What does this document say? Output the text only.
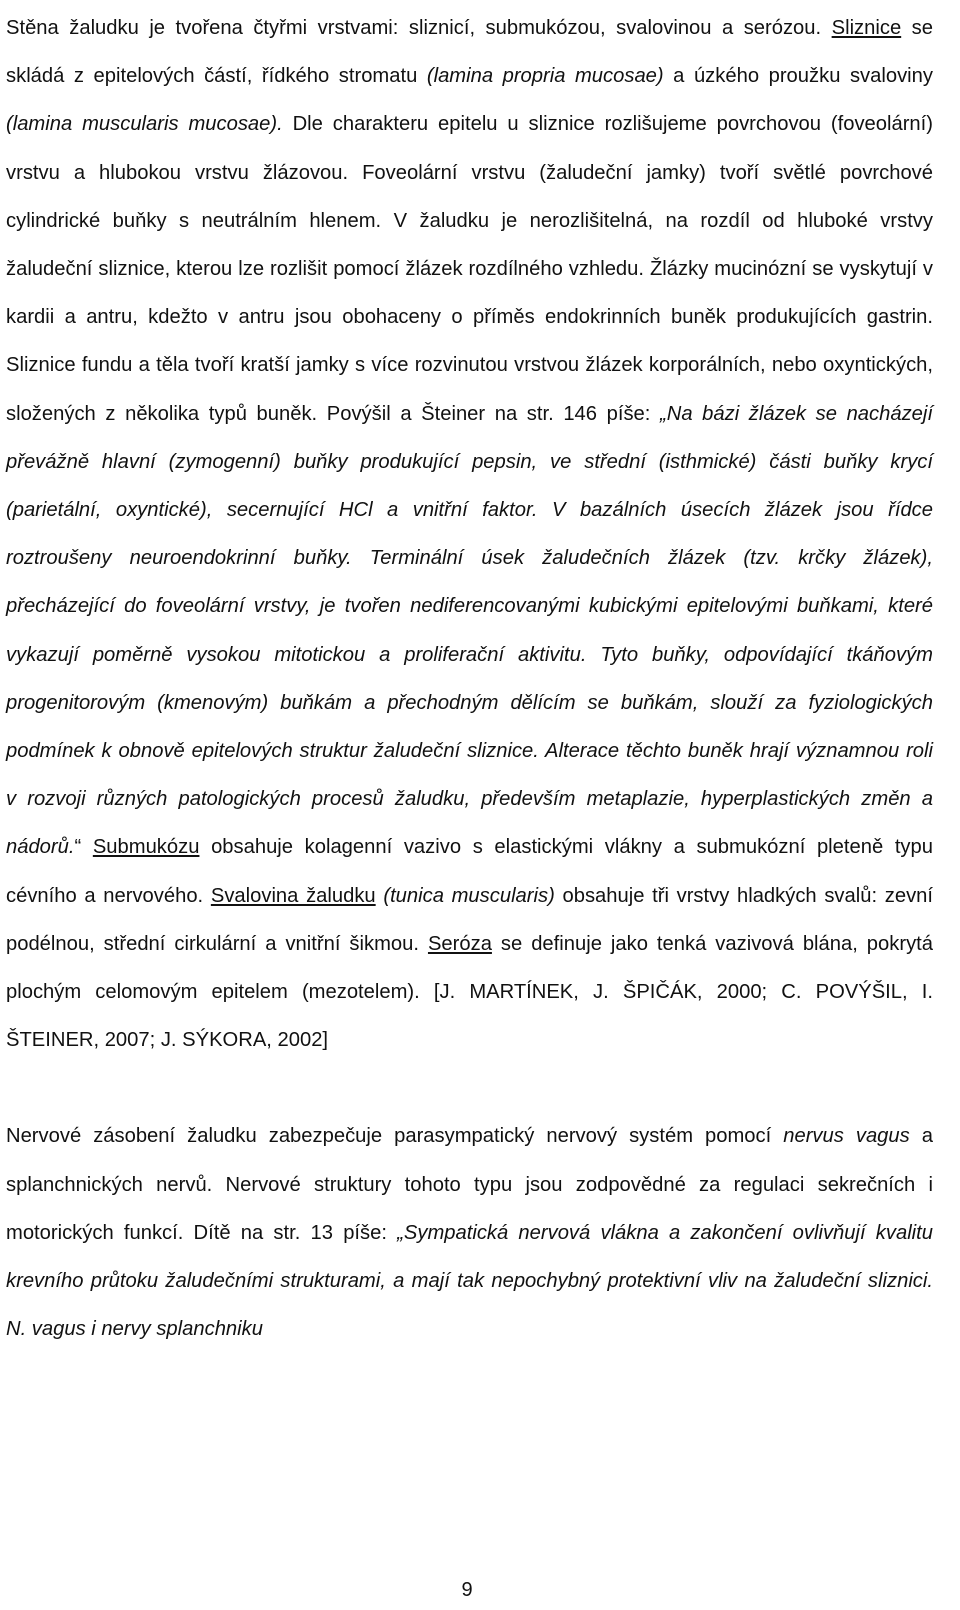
Stěna žaludku je tvořena čtyřmi vrstvami: sliznicí, submukózou, svalovinou a serózou. Sliznice se skládá z epitelových částí, řídkého stromatu (lamina propria mucosae) a úzkého proužku svaloviny (lamina muscularis mucosae). Dle charakteru epitelu u sliznice rozlišujeme povrchovou (foveolární) vrstvu a hlubokou vrstvu žlázovou. Foveolární vrstvu (žaludeční jamky) tvoří světlé povrchové cylindrické buňky s neutrálním hlenem. V žaludku je nerozlišitelná, na rozdíl od hluboké vrstvy žaludeční sliznice, kterou lze rozlišit pomocí žlázek rozdílného vzhledu. Žlázky mucinózní se vyskytují v kardii a antru, kdežto v antru jsou obohaceny o příměs endokrinních buněk produkujících gastrin. Sliznice fundu a těla tvoří kratší jamky s více rozvinutou vrstvou žlázek korporálních, nebo oxyntických, složených z několika typů buněk. Povýšil a Šteiner na str. 146 píše: „Na bázi žlázek se nacházejí převážně hlavní (zymogenní) buňky produkující pepsin, ve střední (isthmické) části buňky krycí (parietální, oxyntické), secernující HCl a vnitřní faktor. V bazálních úsecích žlázek jsou řídce roztroušeny neuroendokrinní buňky. Terminální úsek žaludečních žlázek (tzv. krčky žlázek), přecházející do foveolární vrstvy, je tvořen nediferencovanými kubickými epitelovými buňkami, které vykazují poměrně vysokou mitotickou a proliferační aktivitu. Tyto buňky, odpovídající tkáňovým progenitorovým (kmenovým) buňkám a přechodným dělícím se buňkám, slouží za fyziologických podmínek k obnově epitelových struktur žaludeční sliznice. Alterace těchto buněk hrají významnou roli v rozvoji různých patologických procesů žaludku, především metaplazie, hyperplastických změn a nádorů.“ Submukózu obsahuje kolagenní vazivo s elastickými vlákny a submukózní pleteně typu cévního a nervového. Svalovina žaludku (tunica muscularis) obsahuje tři vrstvy hladkých svalů: zevní podélnou, střední cirkulární a vnitřní šikmou. Seróza se definuje jako tenká vazivová blána, pokrytá plochým celomovým epitelem (mezotelem). [J. MARTÍNEK, J. ŠPIČÁK, 2000; C. POVÝŠIL, I. ŠTEINER, 2007; J. SÝKORA, 2002]

Nervové zásobení žaludku zabezpečuje parasympatický nervový systém pomocí nervus vagus a splanchnických nervů. Nervové struktury tohoto typu jsou zodpovědné za regulaci sekrečních i motorických funkcí. Dítě na str. 13 píše: „Sympatická nervová vlákna a zakončení ovlivňují kvalitu krevního průtoku žaludečními strukturami, a mají tak nepochybný protektivní vliv na žaludeční sliznici. N. vagus i nervy splanchniku

9
